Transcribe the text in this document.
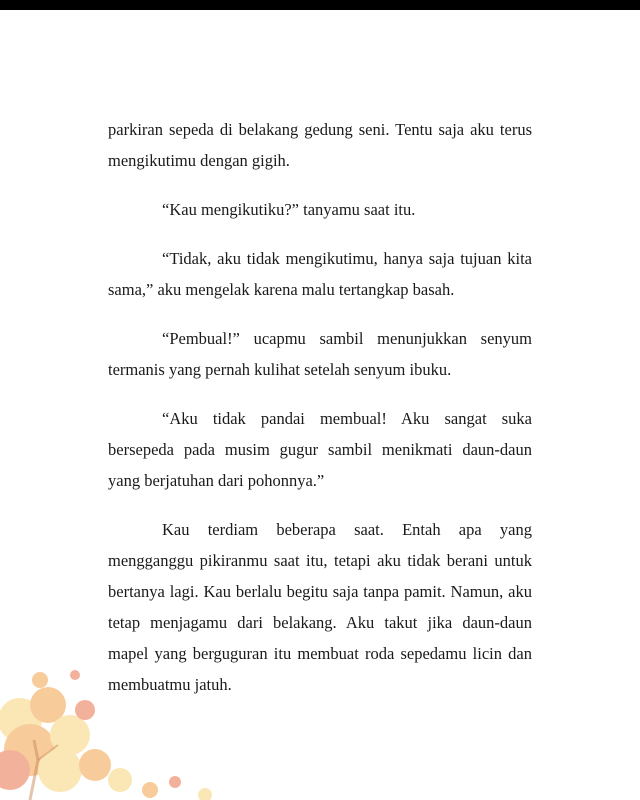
parkiran sepeda di belakang gedung seni. Tentu saja aku terus mengikutimu dengan gigih.

“Kau mengikutiku?” tanyamu saat itu.

“Tidak, aku tidak mengikutimu, hanya saja tujuan kita sama,” aku mengelak karena malu tertangkap basah.

“Pembual!” ucapmu sambil menunjukkan senyum termanis yang pernah kulihat setelah senyum ibuku.

“Aku tidak pandai membual! Aku sangat suka bersepeda pada musim gugur sambil menikmati daun-daun yang berjatuhan dari pohonnya.”

Kau terdiam beberapa saat. Entah apa yang mengganggu pikiranmu saat itu, tetapi aku tidak berani untuk bertanya lagi. Kau berlalu begitu saja tanpa pamit. Namun, aku tetap menjagamu dari belakang. Aku takut jika daun-daun mapel yang berguguran itu membuat roda sepedamu licin dan membuatmu jatuh.
